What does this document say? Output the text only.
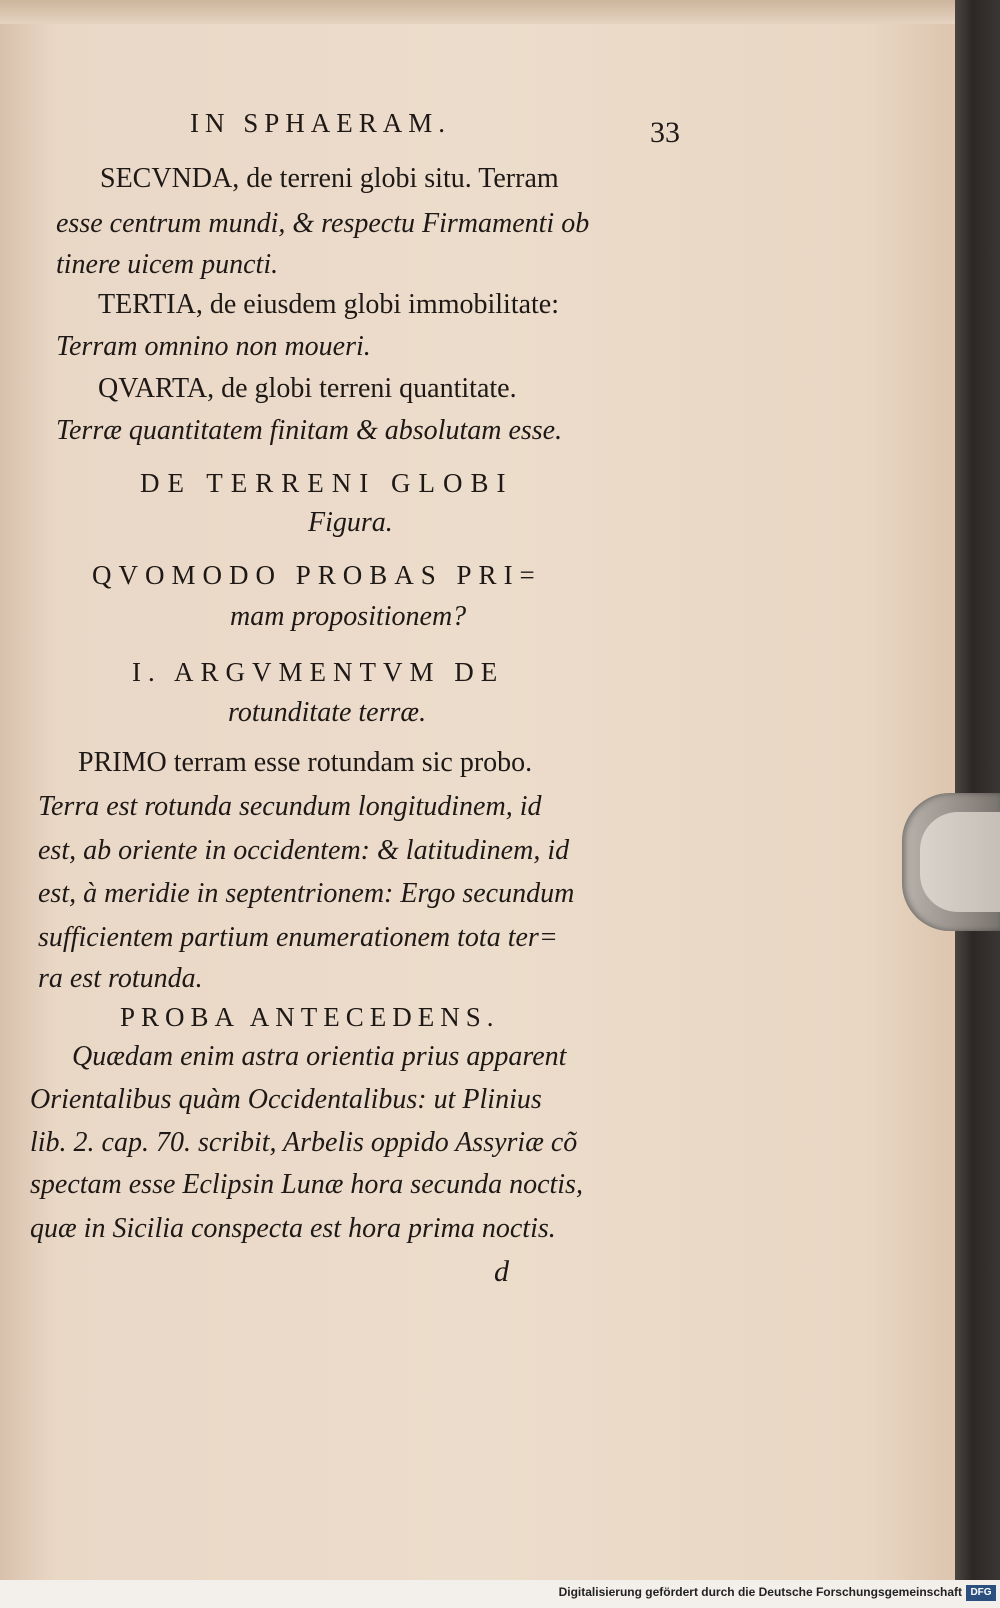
IN SPHAERAM.	33
SECVNDA, de terreni globi situ. Terram
esse centrum mundi, & respectu Firmamenti ob
tinere uicem puncti.
TERTIA, de eiusdem globi immobilitate:
Terram omnino non moueri.
QVARTA, de globi terreni quantitate.
Terræ quantitatem finitam & absolutam esse.
DE TERRENI GLOBI
Figura.
QVOMODO PROBAS PRI=
mam propositionem?
I. ARGVMENTVM DE
rotunditate terræ.
PRIMO terram esse rotundam sic probo.
Terra est rotunda secundum longitudinem, id
est, ab oriente in occidentem: & latitudinem, id
est, à meridie in septentrionem: Ergo secundum
sufficientem partium enumerationem tota ter=
ra est rotunda.
PROBA ANTECEDENS.
Quædam enim astra orientia prius apparent
Orientalibus quàm Occidentalibus: ut Plinius
lib. 2. cap. 70. scribit, Arbelis oppido Assyriæ cõ
spectam esse Eclipsin Lunæ hora secunda noctis,
quæ in Sicilia conspecta est hora prima noctis.
d
Digitalisierung gefördert durch die Deutsche Forschungsgemeinschaft DFG
